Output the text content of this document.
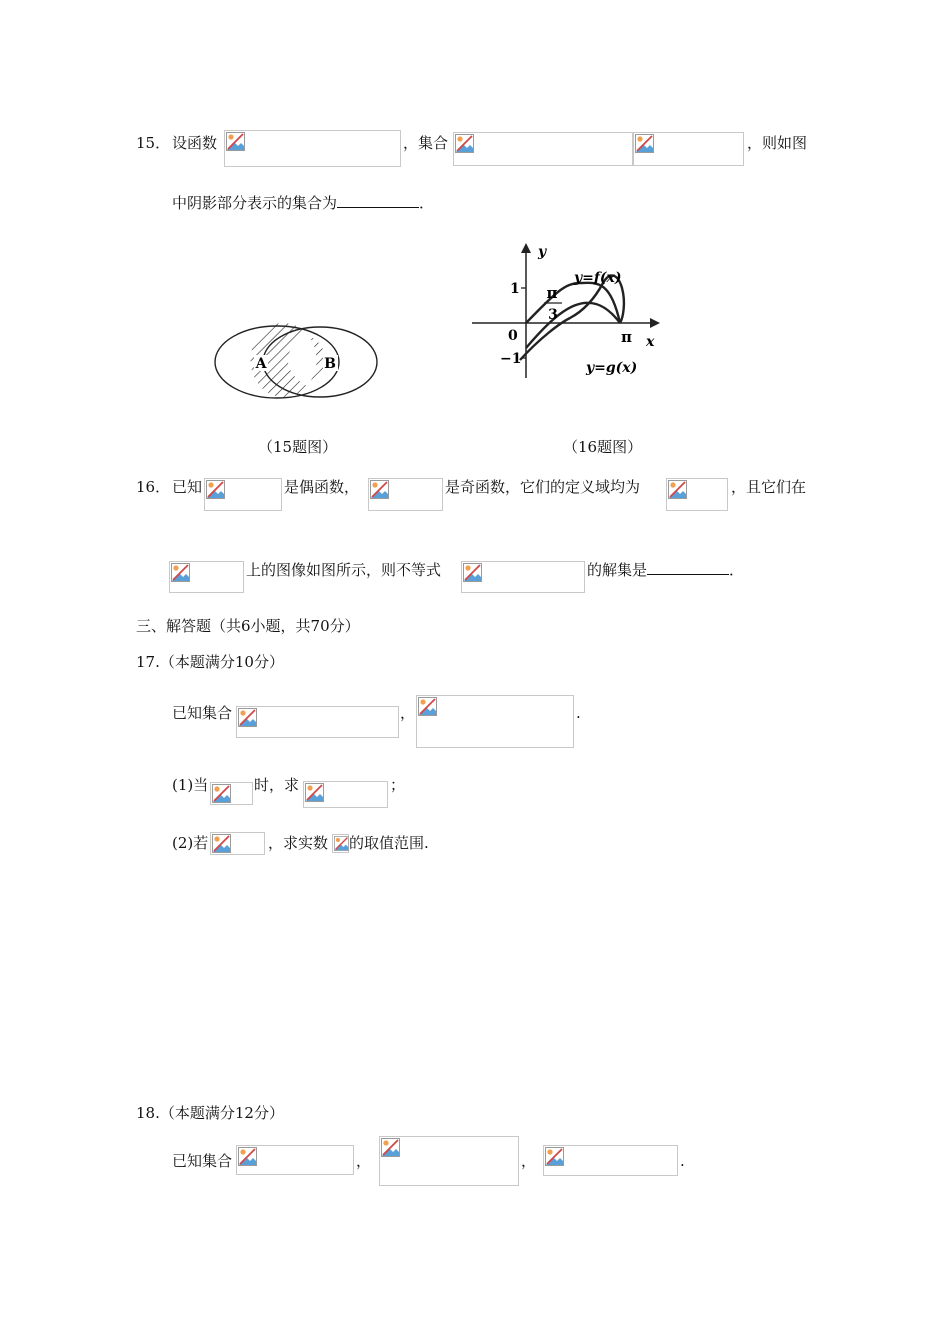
15． 设函数	，集合	，则如图
中阴影部分表示的集合为	．
A	B
（15题图）
y
x
1
−1
0
π
3
π
y=f(x)
y=g(x)
（16题图）
16． 已知	是偶函数，	是奇函数，它们的定义域均为	，且它们在
上的图像如图所示，则不等式	的解集是	．
三、解答题（共6小题，共70分）
17.（本题满分10分）
已知集合	，	.
(1)当	时，求	；
(2)若	，求实数 的取值范围.
18.（本题满分12分）
已知集合	，	，	.
